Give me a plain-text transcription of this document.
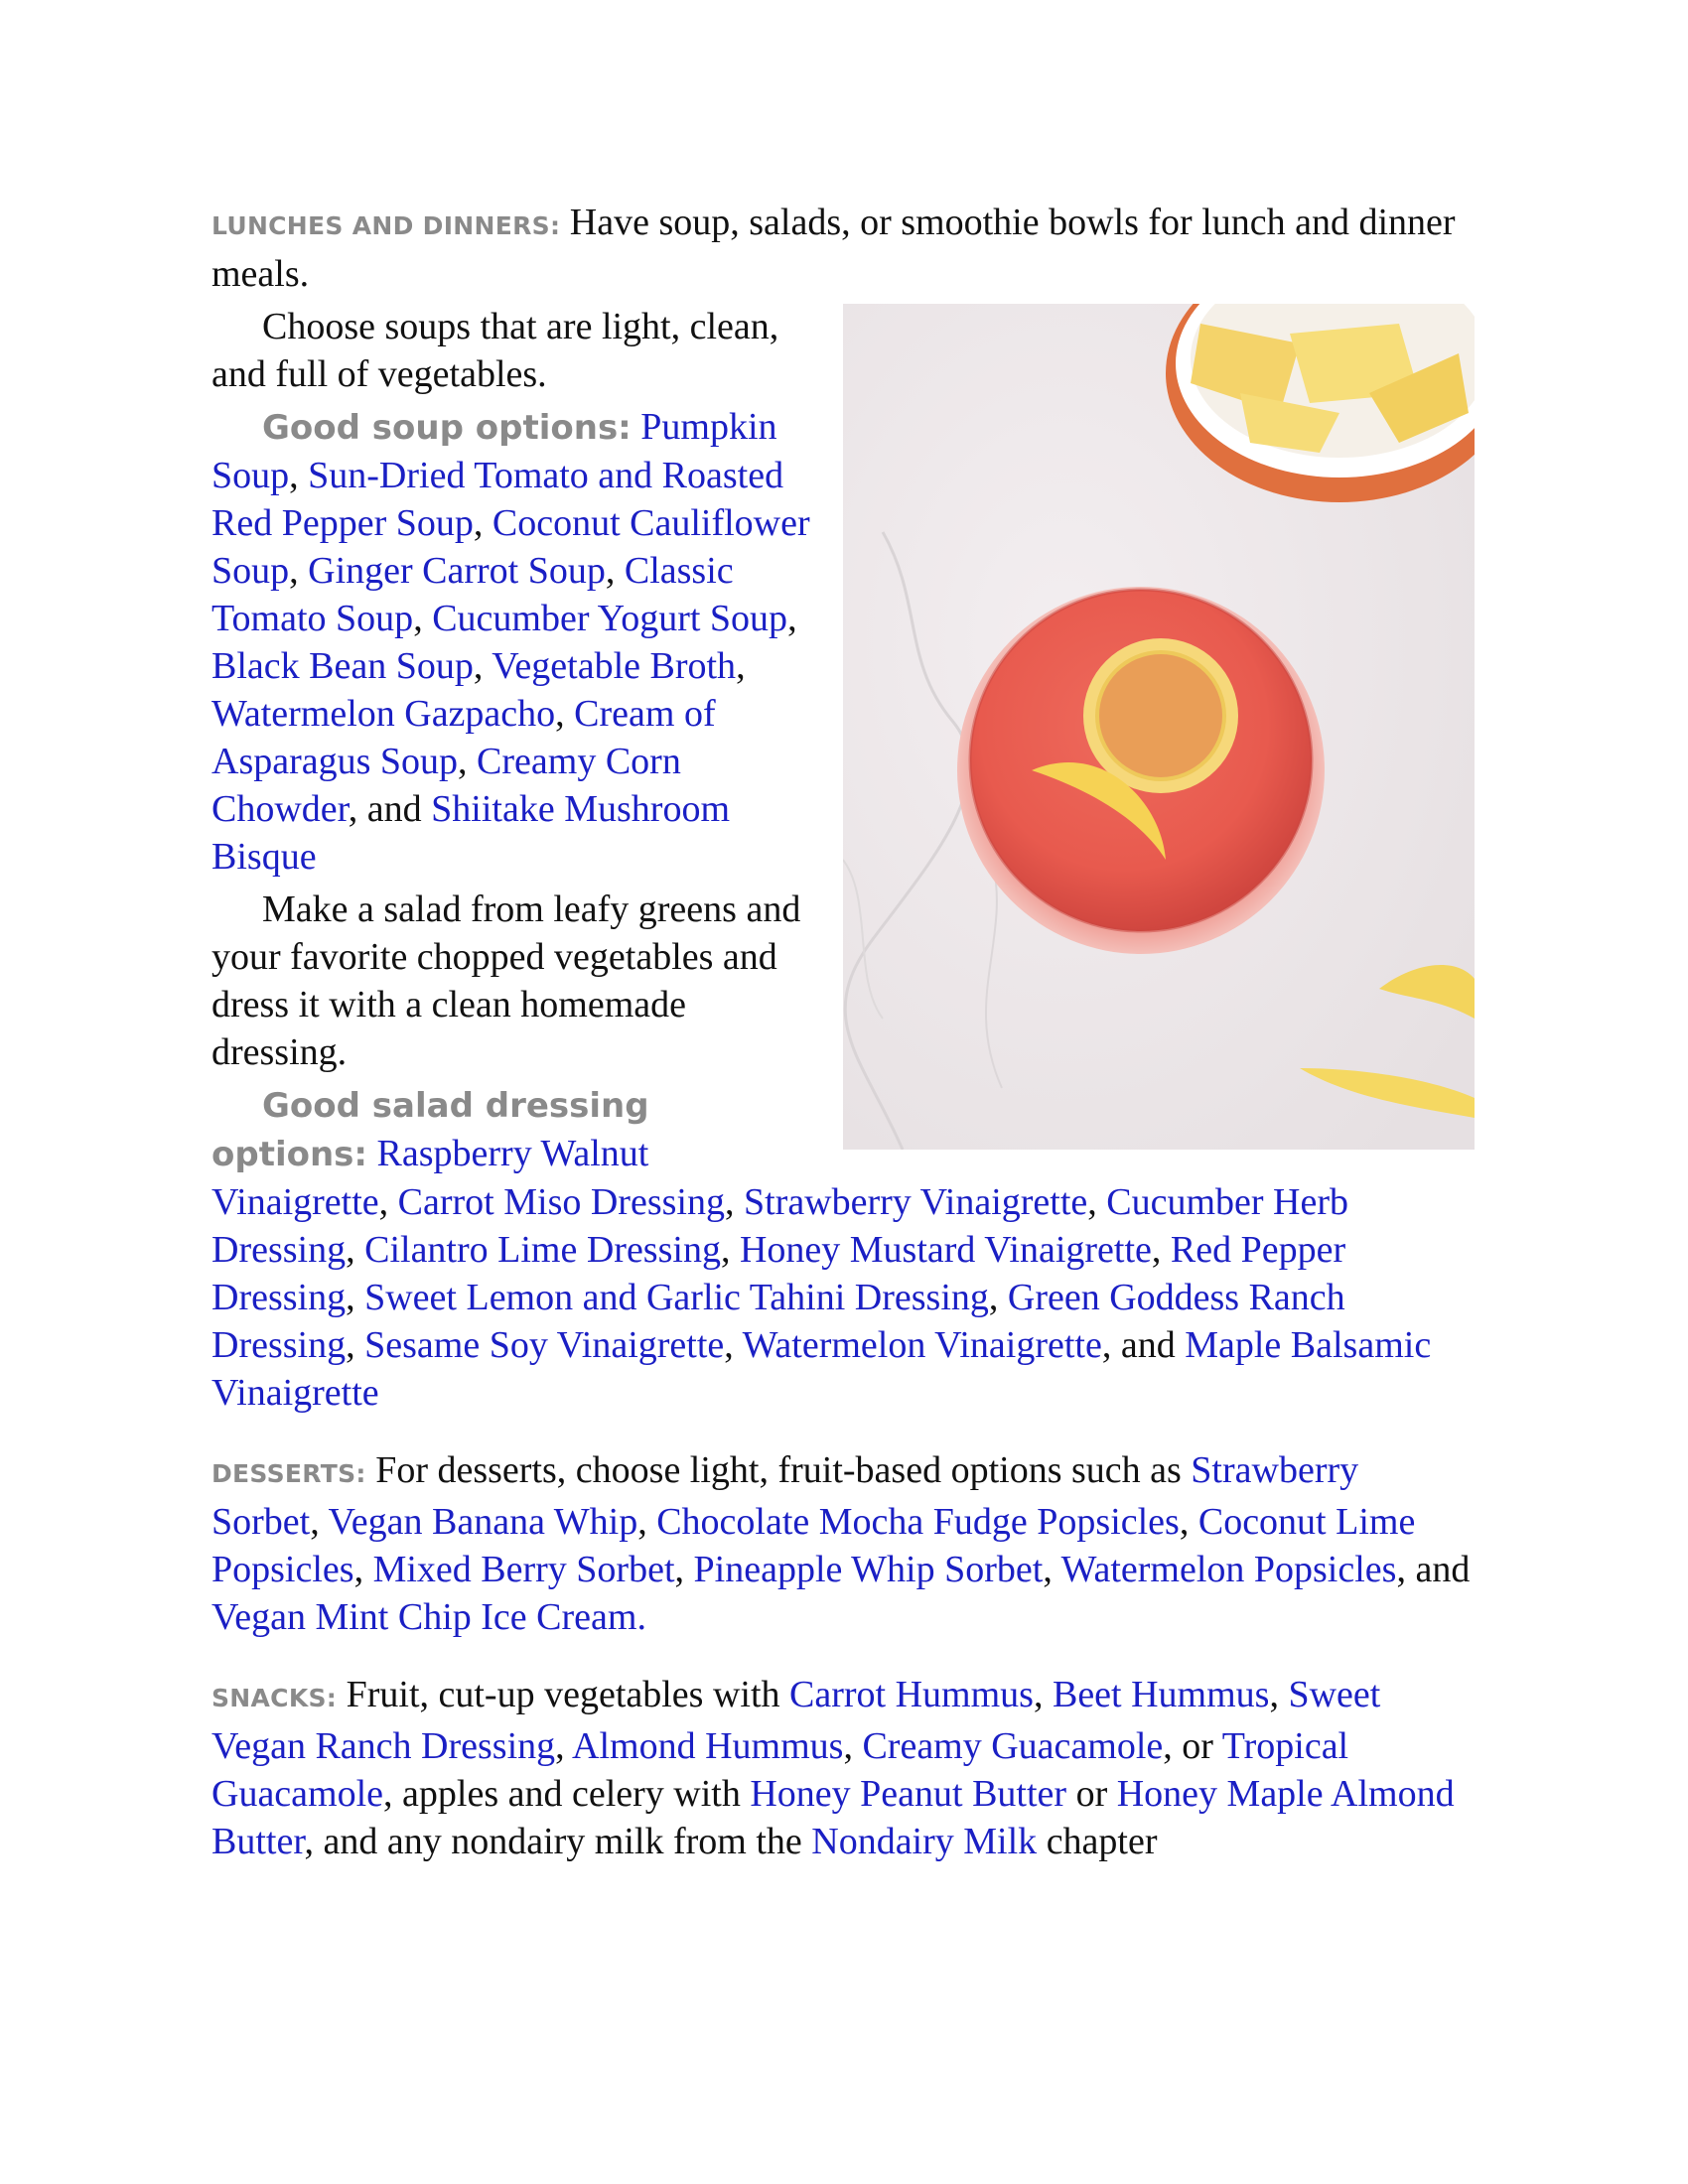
LUNCHES AND DINNERS: Have soup, salads, or smoothie bowls for lunch and dinner meals.

Choose soups that are light, clean, and full of vegetables.

Good soup options: Pumpkin Soup, Sun-Dried Tomato and Roasted Red Pepper Soup, Coconut Cauliflower Soup, Ginger Carrot Soup, Classic Tomato Soup, Cucumber Yogurt Soup, Black Bean Soup, Vegetable Broth, Watermelon Gazpacho, Cream of Asparagus Soup, Creamy Corn Chowder, and Shiitake Mushroom Bisque

Make a salad from leafy greens and your favorite chopped vegetables and dress it with a clean homemade dressing.

Good salad dressing options: Raspberry Walnut Vinaigrette, Carrot Miso Dressing, Strawberry Vinaigrette, Cucumber Herb Dressing, Cilantro Lime Dressing, Honey Mustard Vinaigrette, Red Pepper Dressing, Sweet Lemon and Garlic Tahini Dressing, Green Goddess Ranch Dressing, Sesame Soy Vinaigrette, Watermelon Vinaigrette, and Maple Balsamic Vinaigrette

DESSERTS: For desserts, choose light, fruit-based options such as Strawberry Sorbet, Vegan Banana Whip, Chocolate Mocha Fudge Popsicles, Coconut Lime Popsicles, Mixed Berry Sorbet, Pineapple Whip Sorbet, Watermelon Popsicles, and Vegan Mint Chip Ice Cream.

SNACKS: Fruit, cut-up vegetables with Carrot Hummus, Beet Hummus, Sweet Vegan Ranch Dressing, Almond Hummus, Creamy Guacamole, or Tropical Guacamole, apples and celery with Honey Peanut Butter or Honey Maple Almond Butter, and any nondairy milk from the Nondairy Milk chapter
